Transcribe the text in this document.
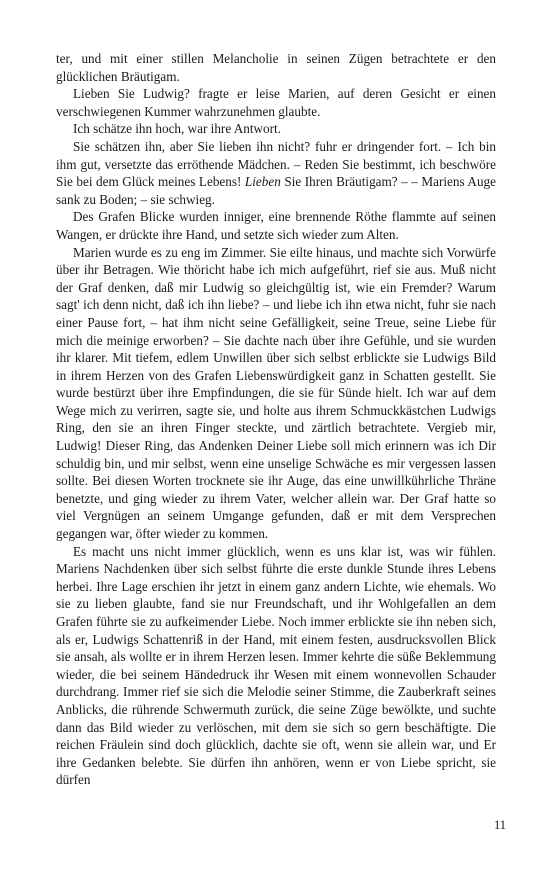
ter, und mit einer stillen Melancholie in seinen Zügen betrachtete er den glücklichen Bräutigam.

Lieben Sie Ludwig? fragte er leise Marien, auf deren Gesicht er einen verschwiegenen Kummer wahrzunehmen glaubte.

Ich schätze ihn hoch, war ihre Antwort.

Sie schätzen ihn, aber Sie lieben ihn nicht? fuhr er dringender fort. – Ich bin ihm gut, versetzte das erröthende Mädchen. – Reden Sie bestimmt, ich beschwöre Sie bei dem Glück meines Lebens! Lieben Sie Ihren Bräutigam? – – Mariens Auge sank zu Boden; – sie schwieg.

Des Grafen Blicke wurden inniger, eine brennende Röthe flammte auf seinen Wangen, er drückte ihre Hand, und setzte sich wieder zum Alten.

Marien wurde es zu eng im Zimmer. Sie eilte hinaus, und machte sich Vorwürfe über ihr Betragen. Wie thöricht habe ich mich aufgeführt, rief sie aus. Muß nicht der Graf denken, daß mir Ludwig so gleichgültig ist, wie ein Fremder? Warum sagt' ich denn nicht, daß ich ihn liebe? – und liebe ich ihn etwa nicht, fuhr sie nach einer Pause fort, – hat ihm nicht seine Gefälligkeit, seine Treue, seine Liebe für mich die meinige erworben? – Sie dachte nach über ihre Gefühle, und sie wurden ihr klarer. Mit tiefem, edlem Unwillen über sich selbst erblickte sie Ludwigs Bild in ihrem Herzen von des Grafen Liebenswürdigkeit ganz in Schatten gestellt. Sie wurde bestürzt über ihre Empfindungen, die sie für Sünde hielt. Ich war auf dem Wege mich zu verirren, sagte sie, und holte aus ihrem Schmuckkästchen Ludwigs Ring, den sie an ihren Finger steckte, und zärtlich betrachtete. Vergieb mir, Ludwig! Dieser Ring, das Andenken Deiner Liebe soll mich erinnern was ich Dir schuldig bin, und mir selbst, wenn eine unselige Schwäche es mir vergessen lassen sollte. Bei diesen Worten trocknete sie ihr Auge, das eine unwillkührliche Thräne benetzte, und ging wieder zu ihrem Vater, welcher allein war. Der Graf hatte so viel Vergnügen an seinem Umgange gefunden, daß er mit dem Versprechen gegangen war, öfter wieder zu kommen.

Es macht uns nicht immer glücklich, wenn es uns klar ist, was wir fühlen. Mariens Nachdenken über sich selbst führte die erste dunkle Stunde ihres Lebens herbei. Ihre Lage erschien ihr jetzt in einem ganz andern Lichte, wie ehemals. Wo sie zu lieben glaubte, fand sie nur Freundschaft, und ihr Wohlgefallen an dem Grafen führte sie zu aufkeimender Liebe. Noch immer erblickte sie ihn neben sich, als er, Ludwigs Schattenriß in der Hand, mit einem festen, ausdrucksvollen Blick sie ansah, als wollte er in ihrem Herzen lesen. Immer kehrte die süße Beklemmung wieder, die bei seinem Händedruck ihr Wesen mit einem wonnevollen Schauder durchdrang. Immer rief sie sich die Melodie seiner Stimme, die Zauberkraft seines Anblicks, die rührende Schwermuth zurück, die seine Züge bewölkte, und suchte dann das Bild wieder zu verlöschen, mit dem sie sich so gern beschäftigte. Die reichen Fräulein sind doch glücklich, dachte sie oft, wenn sie allein war, und Er ihre Gedanken belebte. Sie dürfen ihn anhören, wenn er von Liebe spricht, sie dürfen

11
